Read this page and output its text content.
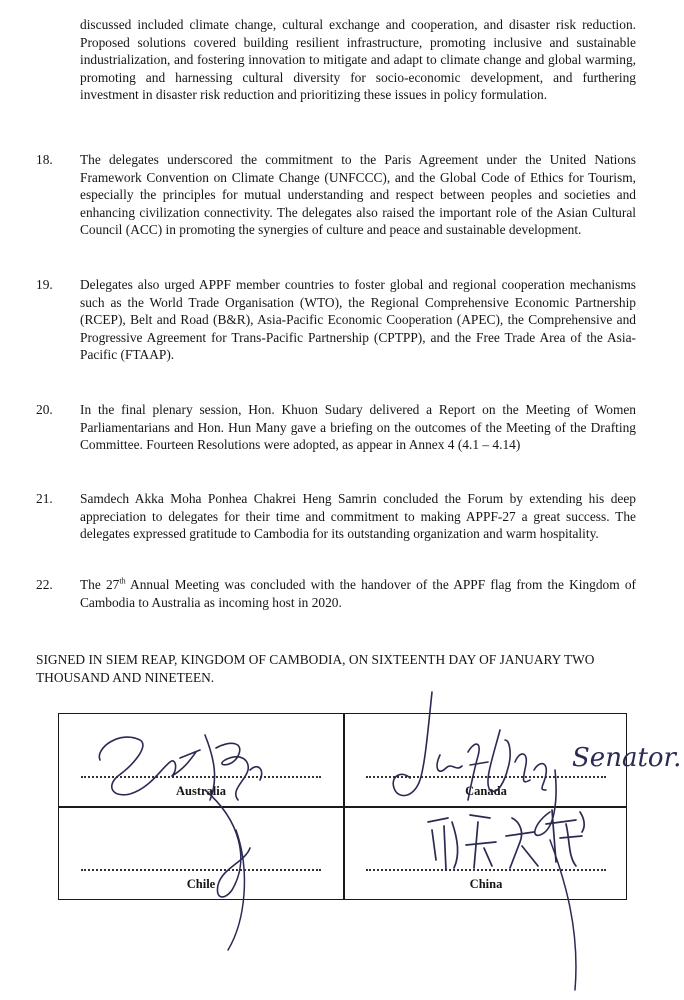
discussed included climate change, cultural exchange and cooperation, and disaster risk reduction. Proposed solutions covered building resilient infrastructure, promoting inclusive and sustainable industrialization, and fostering innovation to mitigate and adapt to climate change and global warming, promoting and harnessing cultural diversity for socio-economic development, and furthering investment in disaster risk reduction and prioritizing these issues in policy formulation.

18. The delegates underscored the commitment to the Paris Agreement under the United Nations Framework Convention on Climate Change (UNFCCC), and the Global Code of Ethics for Tourism, especially the principles for mutual understanding and respect between peoples and societies and enhancing civilization connectivity. The delegates also raised the important role of the Asian Cultural Council (ACC) in promoting the synergies of culture and peace and sustainable development.
19. Delegates also urged APPF member countries to foster global and regional cooperation mechanisms such as the World Trade Organisation (WTO), the Regional Comprehensive Economic Partnership (RCEP), Belt and Road (B&R), Asia-Pacific Economic Cooperation (APEC), the Comprehensive and Progressive Agreement for Trans-Pacific Partnership (CPTPP), and the Free Trade Area of the Asia-Pacific (FTAAP).
20. In the final plenary session, Hon. Khuon Sudary delivered a Report on the Meeting of Women Parliamentarians and Hon. Hun Many gave a briefing on the outcomes of the Meeting of the Drafting Committee. Fourteen Resolutions were adopted, as appear in Annex 4 (4.1 – 4.14)
21. Samdech Akka Moha Ponhea Chakrei Heng Samrin concluded the Forum by extending his deep appreciation to delegates for their time and commitment to making APPF-27 a great success. The delegates expressed gratitude to Cambodia for its outstanding organization and warm hospitality.
22. The 27th Annual Meeting was concluded with the handover of the APPF flag from the Kingdom of Cambodia to Australia as incoming host in 2020.

SIGNED IN SIEM REAP, KINGDOM OF CAMBODIA, ON SIXTEENTH DAY OF JANUARY TWO THOUSAND AND NINETEEN.

Australia	Canada
Chile	China
Senator.
